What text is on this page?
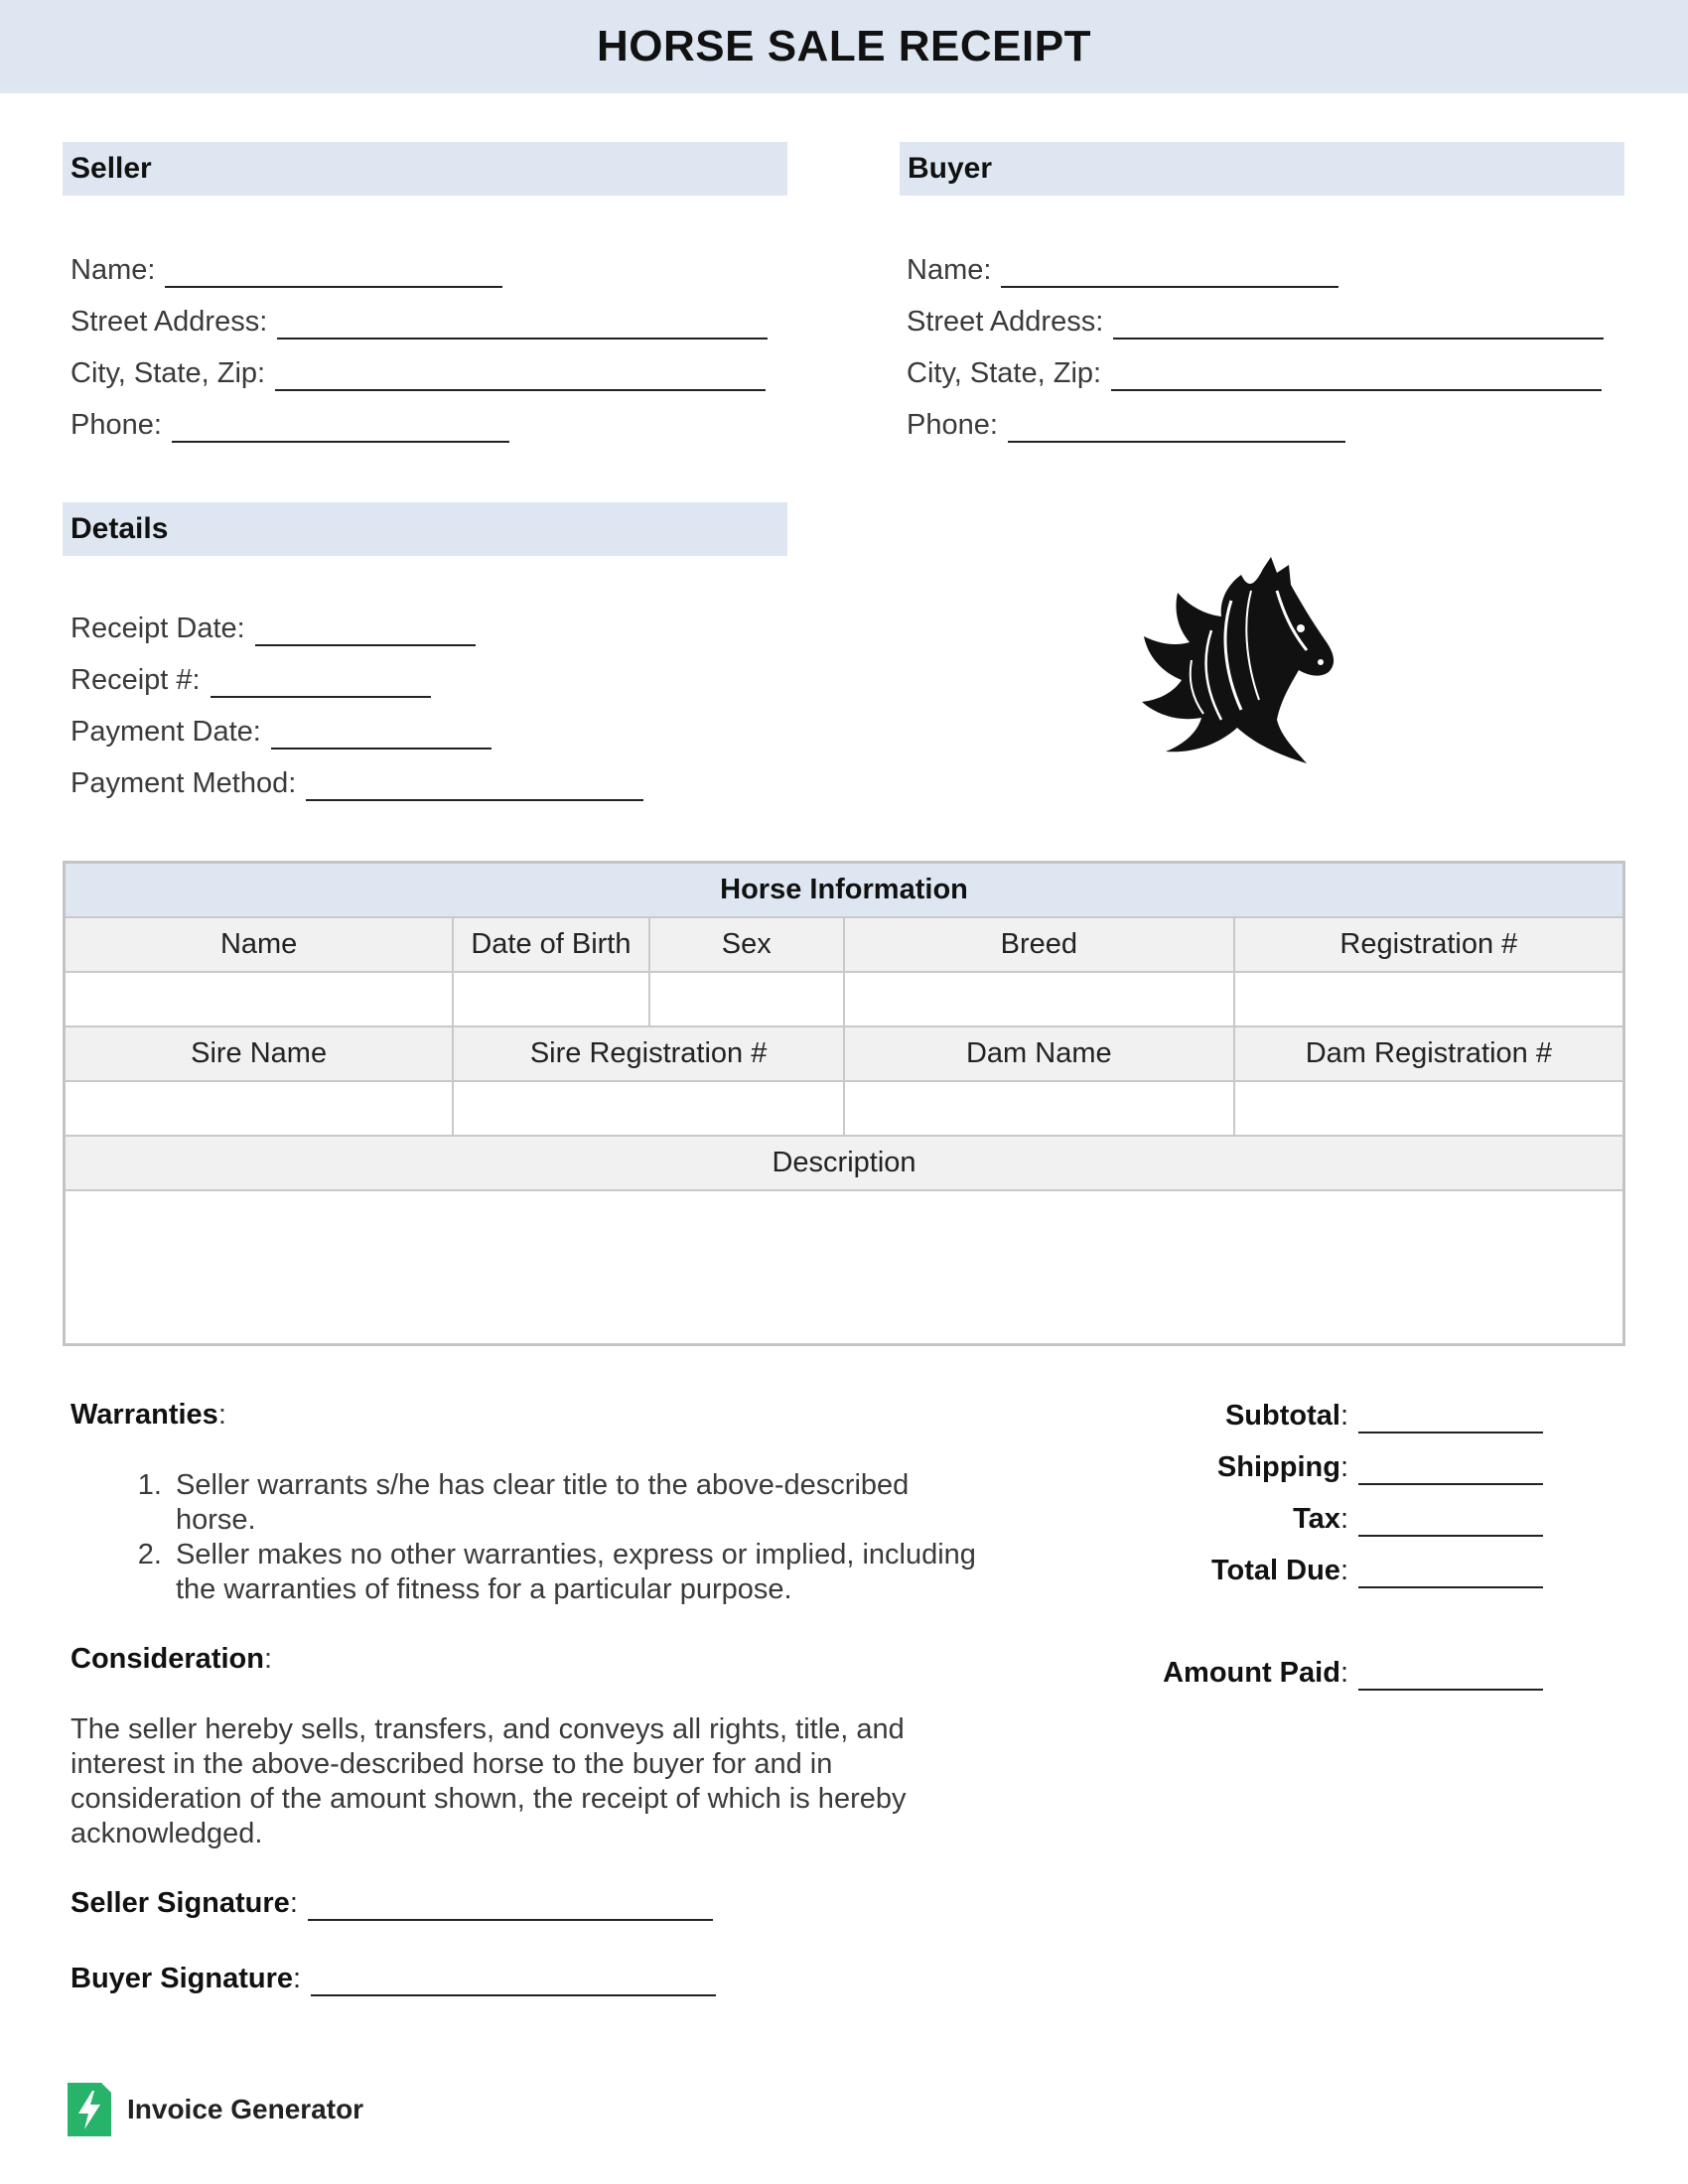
HORSE SALE RECEIPT
Seller
Name:
Street Address:
City, State, Zip:
Phone:
Buyer
Name:
Street Address:
City, State, Zip:
Phone:
Details
Receipt Date:
Receipt #:
Payment Date:
Payment Method:
Horse Information				
Name	Date of Birth	Sex	Breed	Registration #

Sire Name	Sire Registration #		Dam Name	Dam Registration #

Description				

Warranties:
1. Seller warrants s/he has clear title to the above-described horse.
2. Seller makes no other warranties, express or implied, including the warranties of fitness for a particular purpose.
Consideration:
The seller hereby sells, transfers, and conveys all rights, title, and interest in the above-described horse to the buyer for and in consideration of the amount shown, the receipt of which is hereby acknowledged.
Seller Signature:
Buyer Signature:
Subtotal:
Shipping:
Tax:
Total Due:
Amount Paid:
Invoice Generator
